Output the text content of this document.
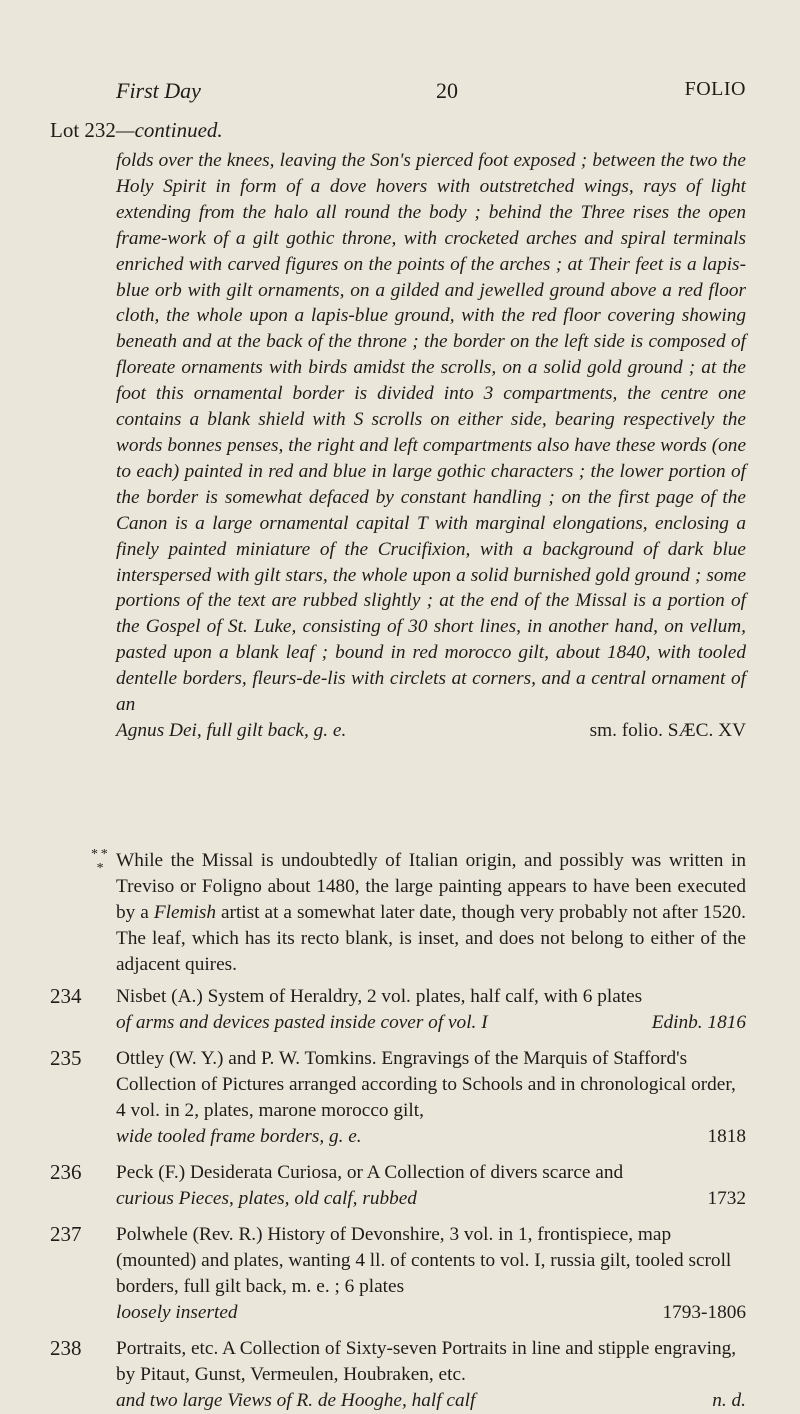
First Day	20	FOLIO
Lot 232—continued.
folds over the knees, leaving the Son's pierced foot exposed ; between the two the Holy Spirit in form of a dove hovers with outstretched wings, rays of light extending from the halo all round the body ; behind the Three rises the open frame-work of a gilt gothic throne, with crocketed arches and spiral terminals enriched with carved figures on the points of the arches ; at Their feet is a lapis-blue orb with gilt ornaments, on a gilded and jewelled ground above a red floor cloth, the whole upon a lapis-blue ground, with the red floor covering showing beneath and at the back of the throne ; the border on the left side is composed of floreate ornaments with birds amidst the scrolls, on a solid gold ground ; at the foot this ornamental border is divided into 3 compartments, the centre one contains a blank shield with S scrolls on either side, bearing respectively the words bonnes penses, the right and left compartments also have these words (one to each) painted in red and blue in large gothic characters ; the lower portion of the border is somewhat defaced by constant handling ; on the first page of the Canon is a large ornamental capital T with marginal elongations, enclosing a finely painted miniature of the Crucifixion, with a background of dark blue interspersed with gilt stars, the whole upon a solid burnished gold ground ; some portions of the text are rubbed slightly ; at the end of the Missal is a portion of the Gospel of St. Luke, consisting of 30 short lines, in another hand, on vellum, pasted upon a blank leaf ; bound in red morocco gilt, about 1840, with tooled dentelle borders, fleurs-de-lis with circlets at corners, and a central ornament of an
Agnus Dei, full gilt back, g. e.	sm. folio. SÆC. XV
* *
  * While the Missal is undoubtedly of Italian origin, and possibly was written in Treviso or Foligno about 1480, the large painting appears to have been executed by a Flemish artist at a somewhat later date, though very probably not after 1520. The leaf, which has its recto blank, is inset, and does not belong to either of the adjacent quires.
234 Nisbet (A.) System of Heraldry, 2 vol. plates, half calf, with 6 plates
of arms and devices pasted inside cover of vol. I	Edinb. 1816
235 Ottley (W. Y.) and P. W. Tomkins. Engravings of the Marquis of Stafford's Collection of Pictures arranged according to Schools and in chronological order, 4 vol. in 2, plates, marone morocco gilt,
wide tooled frame borders, g. e.	1818
236 Peck (F.) Desiderata Curiosa, or A Collection of divers scarce and
curious Pieces, plates, old calf, rubbed	1732
237 Polwhele (Rev. R.) History of Devonshire, 3 vol. in 1, frontispiece, map (mounted) and plates, wanting 4 ll. of contents to vol. I, russia gilt, tooled scroll borders, full gilt back, m. e. ; 6 plates
loosely inserted	1793-1806
238 Portraits, etc. A Collection of Sixty-seven Portraits in line and stipple engraving, by Pitaut, Gunst, Vermeulen, Houbraken, etc.
and two large Views of R. de Hooghe, half calf	n. d.
